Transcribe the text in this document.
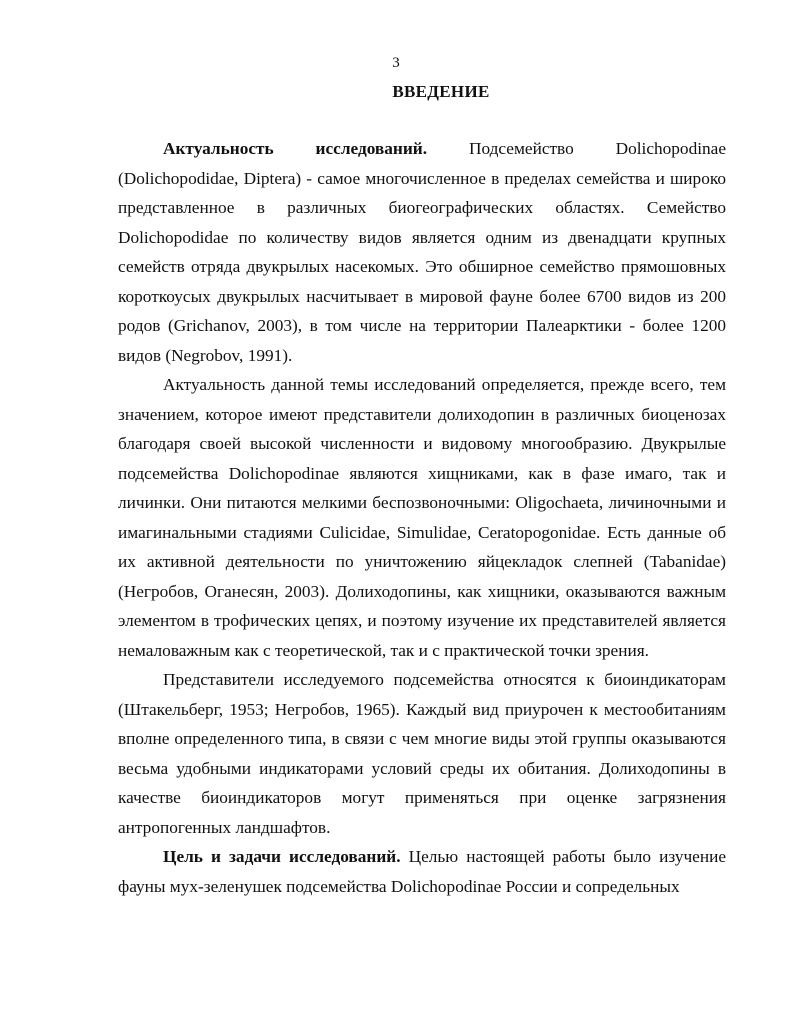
3
ВВЕДЕНИЕ

Актуальность исследований. Подсемейство Dolichopodinae (Dolichopodidae, Diptera) - самое многочисленное в пределах семейства и широко представленное в различных биогеографических областях. Семейство Dolichopodidae по количеству видов является одним из двенадцати крупных семейств отряда двукрылых насекомых. Это обширное семейство прямошовных короткоусых двукрылых насчитывает в мировой фауне более 6700 видов из 200 родов (Grichanov, 2003), в том числе на территории Палеарктики - более 1200 видов (Negrobov, 1991).

Актуальность данной темы исследований определяется, прежде всего, тем значением, которое имеют представители долиходопин в различных биоценозах благодаря своей высокой численности и видовому многообразию. Двукрылые подсемейства Dolichopodinae являются хищниками, как в фазе имаго, так и личинки. Они питаются мелкими беспозвоночными: Oligochaeta, личиночными и имагинальными стадиями Culicidae, Simulidae, Ceratopogonidae. Есть данные об их активной деятельности по уничтожению яйцекладок слепней (Tabanidae) (Негробов, Оганесян, 2003). Долиходопины, как хищники, оказываются важным элементом в трофических цепях, и поэтому изучение их представителей является немаловажным как с теоретической, так и с практической точки зрения.

Представители исследуемого подсемейства относятся к биоиндикаторам (Штакельберг, 1953; Негробов, 1965). Каждый вид приурочен к местообитаниям вполне определенного типа, в связи с чем многие виды этой группы оказываются весьма удобными индикаторами условий среды их обитания. Долиходопины в качестве биоиндикаторов могут применяться при оценке загрязнения антропогенных ландшафтов.

Цель и задачи исследований. Целью настоящей работы было изучение фауны мух-зеленушек подсемейства Dolichopodinae России и сопредельных
